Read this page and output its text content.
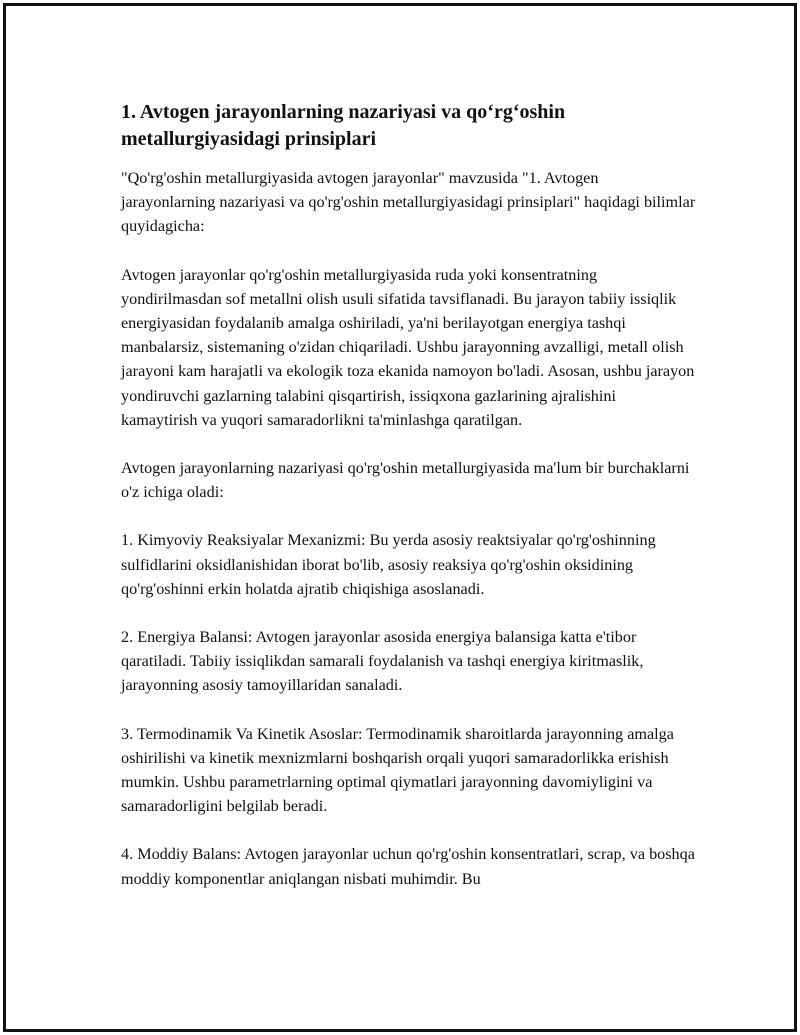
1. Avtogen jarayonlarning nazariyasi va qo‘rg‘oshin metallurgiyasidagi prinsiplari

"Qo'rg'oshin metallurgiyasida avtogen jarayonlar" mavzusida "1. Avtogen jarayonlarning nazariyasi va qo'rg'oshin metallurgiyasidagi prinsiplari" haqidagi bilimlar quyidagicha:

Avtogen jarayonlar qo'rg'oshin metallurgiyasida ruda yoki konsentratning yondirilmasdan sof metallni olish usuli sifatida tavsiflanadi. Bu jarayon tabiiy issiqlik energiyasidan foydalanib amalga oshiriladi, ya'ni berilayotgan energiya tashqi manbalarsiz, sistemaning o'zidan chiqariladi. Ushbu jarayonning avzalligi, metall olish jarayoni kam harajatli va ekologik toza ekanida namoyon bo'ladi. Asosan, ushbu jarayon yondiruvchi gazlarning talabini qisqartirish, issiqxona gazlarining ajralishini kamaytirish va yuqori samaradorlikni ta'minlashga qaratilgan.

Avtogen jarayonlarning nazariyasi qo'rg'oshin metallurgiyasida ma'lum bir burchaklarni o'z ichiga oladi:

1. Kimyoviy Reaksiyalar Mexanizmi: Bu yerda asosiy reaktsiyalar qo'rg'oshinning sulfidlarini oksidlanishidan iborat bo'lib, asosiy reaksiya qo'rg'oshin oksidining qo'rg'oshinni erkin holatda ajratib chiqishiga asoslanadi.

2. Energiya Balansi: Avtogen jarayonlar asosida energiya balansiga katta e'tibor qaratiladi. Tabiiy issiqlikdan samarali foydalanish va tashqi energiya kiritmaslik, jarayonning asosiy tamoyillaridan sanaladi.

3. Termodinamik Va Kinetik Asoslar: Termodinamik sharoitlarda jarayonning amalga oshirilishi va kinetik mexnizmlarni boshqarish orqali yuqori samaradorlikka erishish mumkin. Ushbu parametrlarning optimal qiymatlari jarayonning davomiyligini va samaradorligini belgilab beradi.

4. Moddiy Balans: Avtogen jarayonlar uchun qo'rg'oshin konsentratlari, scrap, va boshqa moddiy komponentlar aniqlangan nisbati muhimdir. Bu
